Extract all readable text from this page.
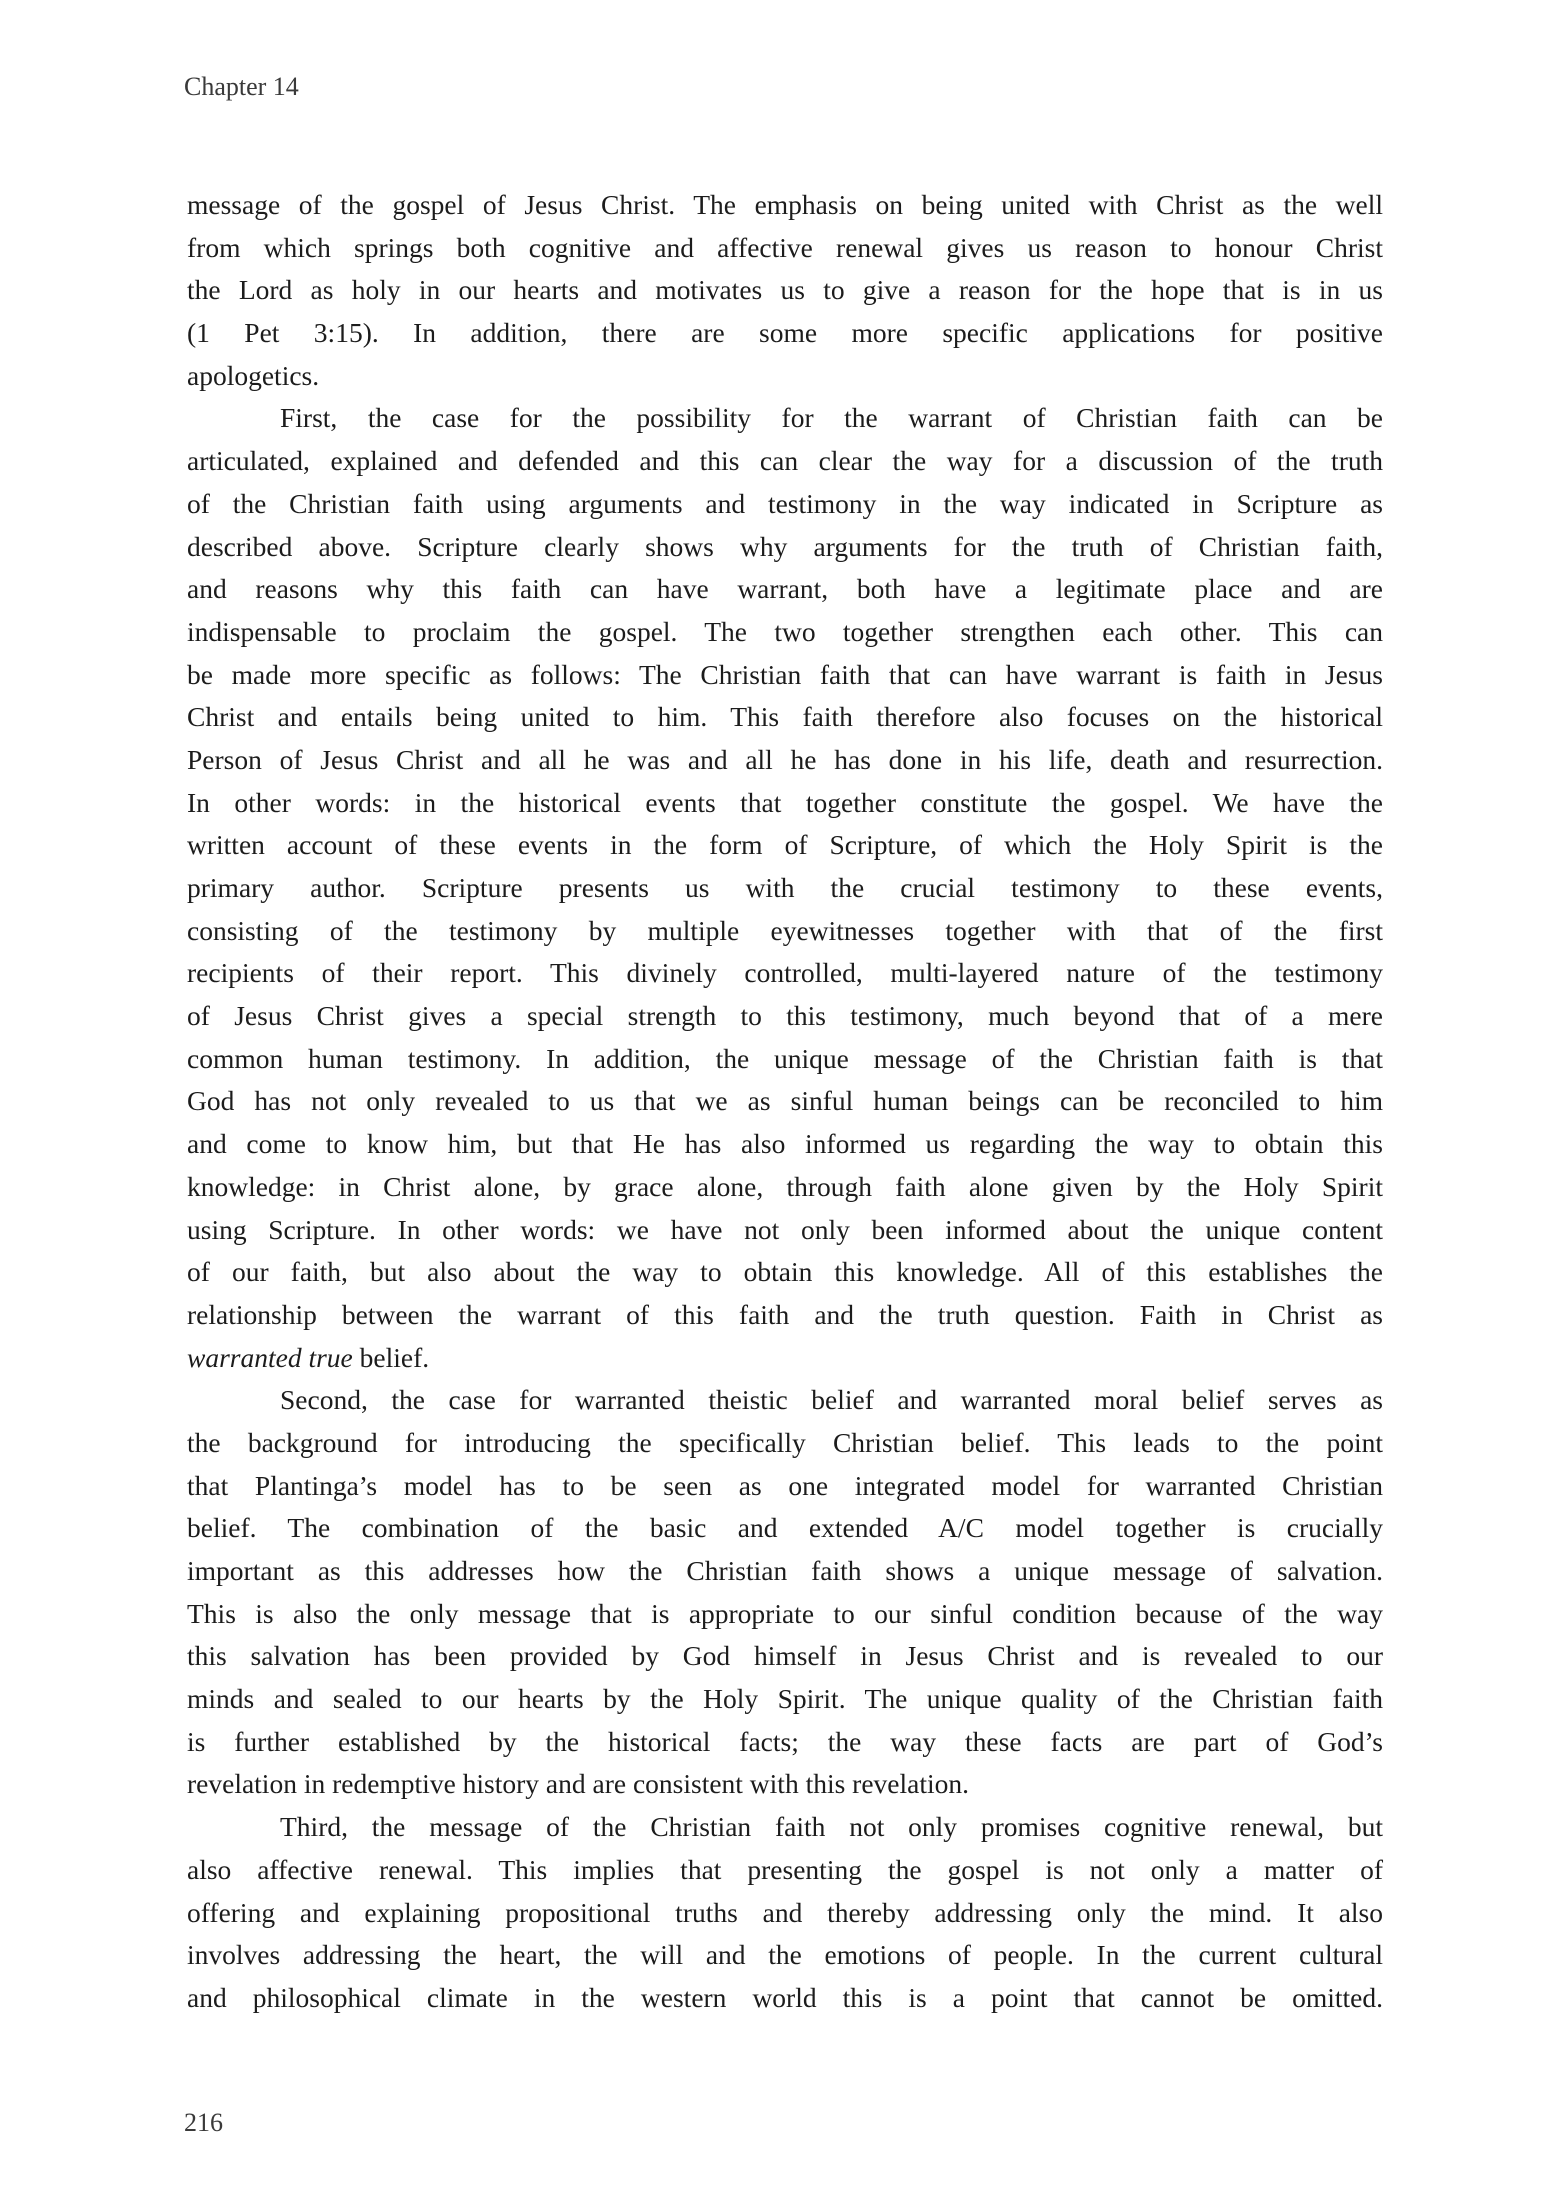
Chapter 14
message of the gospel of Jesus Christ. The emphasis on being united with Christ as the well
from which springs both cognitive and affective renewal gives us reason to honour Christ
the Lord as holy in our hearts and motivates us to give a reason for the hope that is in us
(1 Pet 3:15). In addition, there are some more specific applications for positive
apologetics.
First, the case for the possibility for the warrant of Christian faith can be
articulated, explained and defended and this can clear the way for a discussion of the truth
of the Christian faith using arguments and testimony in the way indicated in Scripture as
described above. Scripture clearly shows why arguments for the truth of Christian faith,
and reasons why this faith can have warrant, both have a legitimate place and are
indispensable to proclaim the gospel. The two together strengthen each other. This can
be made more specific as follows: The Christian faith that can have warrant is faith in Jesus
Christ and entails being united to him. This faith therefore also focuses on the historical
Person of Jesus Christ and all he was and all he has done in his life, death and resurrection.
In other words: in the historical events that together constitute the gospel. We have the
written account of these events in the form of Scripture, of which the Holy Spirit is the
primary author. Scripture presents us with the crucial testimony to these events,
consisting of the testimony by multiple eyewitnesses together with that of the first
recipients of their report. This divinely controlled, multi-layered nature of the testimony
of Jesus Christ gives a special strength to this testimony, much beyond that of a mere
common human testimony. In addition, the unique message of the Christian faith is that
God has not only revealed to us that we as sinful human beings can be reconciled to him
and come to know him, but that He has also informed us regarding the way to obtain this
knowledge: in Christ alone, by grace alone, through faith alone given by the Holy Spirit
using Scripture. In other words: we have not only been informed about the unique content
of our faith, but also about the way to obtain this knowledge. All of this establishes the
relationship between the warrant of this faith and the truth question. Faith in Christ as
warranted true belief.
Second, the case for warranted theistic belief and warranted moral belief serves as
the background for introducing the specifically Christian belief. This leads to the point
that Plantinga’s model has to be seen as one integrated model for warranted Christian
belief. The combination of the basic and extended A/C model together is crucially
important as this addresses how the Christian faith shows a unique message of salvation.
This is also the only message that is appropriate to our sinful condition because of the way
this salvation has been provided by God himself in Jesus Christ and is revealed to our
minds and sealed to our hearts by the Holy Spirit. The unique quality of the Christian faith
is further established by the historical facts; the way these facts are part of God’s
revelation in redemptive history and are consistent with this revelation.
Third, the message of the Christian faith not only promises cognitive renewal, but
also affective renewal. This implies that presenting the gospel is not only a matter of
offering and explaining propositional truths and thereby addressing only the mind. It also
involves addressing the heart, the will and the emotions of people. In the current cultural
and philosophical climate in the western world this is a point that cannot be omitted.
216
